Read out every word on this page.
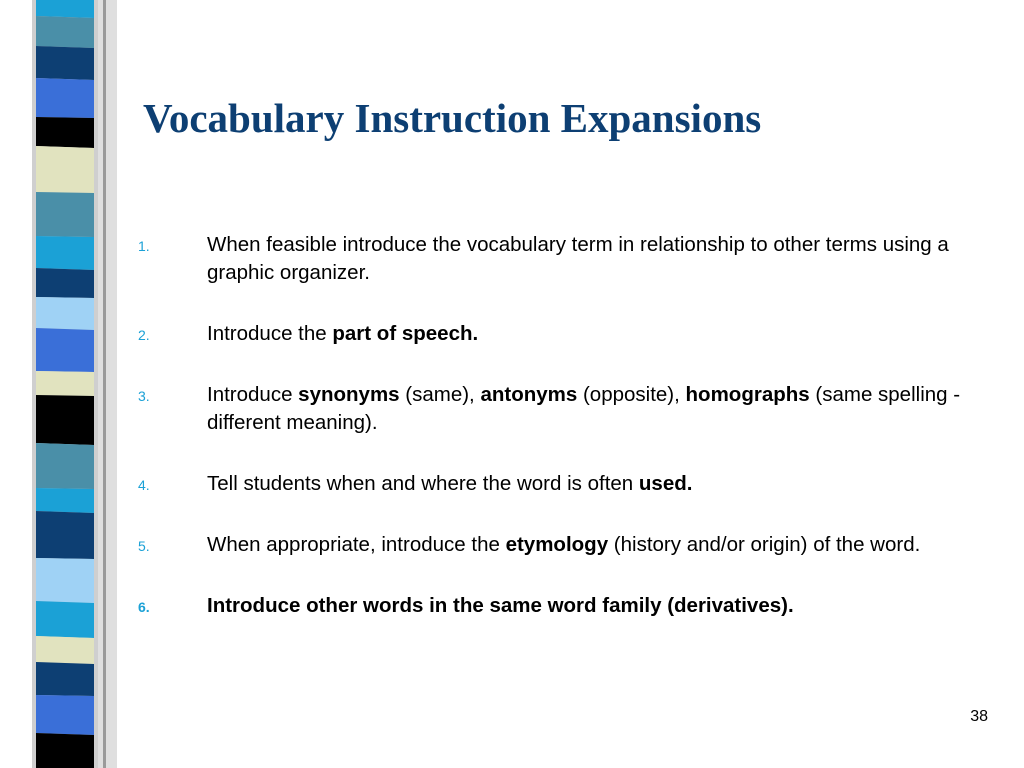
Vocabulary Instruction Expansions
1.	When feasible introduce the vocabulary term in relationship to other terms using a graphic organizer.
2.	Introduce the part of speech.
3.	Introduce synonyms (same), antonyms (opposite), homographs (same spelling - different meaning).
4.	Tell students when and where the word is often used.
5.	When appropriate, introduce the etymology (history and/or origin) of the word.
6.	Introduce other words in the same word family (derivatives).
38
